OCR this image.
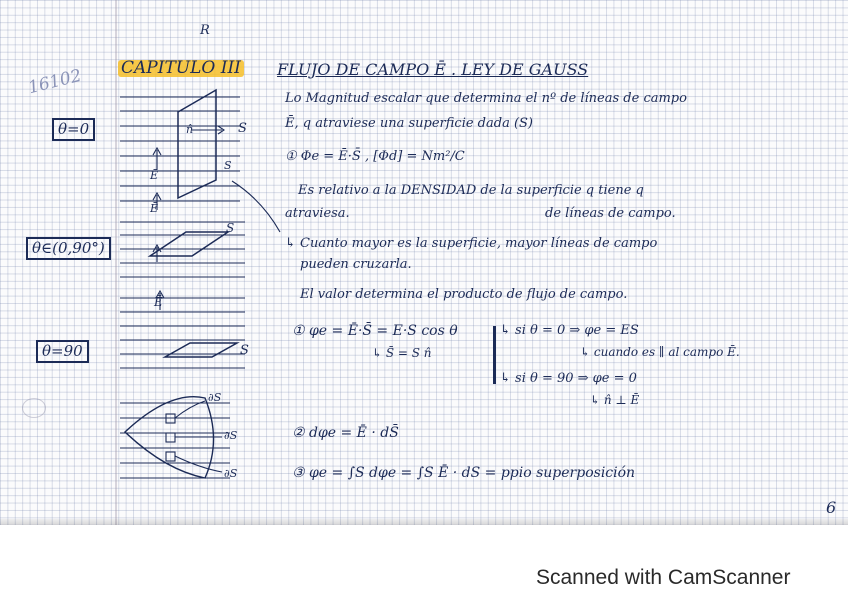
R
16102 CAPITULO III FLUJO DE CAMPO Ē . LEY DE GAUSS
θ=0
θ∈(0,90°)
θ=90
S
S
n̂
Ē
S
Ē
Ē
S
∂S
∂S
∂S
Lo Magnitud escalar que determina el nº de líneas de campo
Ē, q atraviese una superficie dada (S)
① Φe = Ē·S̄ , [Φd] = Nm²/C
Es relativo a la DENSIDAD de la superficie q tiene q
atraviesa.	de líneas de campo.
↳ Cuanto mayor es la superficie, mayor líneas de campo
pueden cruzarla.
El valor determina el producto de flujo de campo.
① φe = Ē·S̄ = E·S cos θ
↳ S̄ = S n̂
↳ si θ = 0 ⇒ φe = ES
↳ cuando es ∥ al campo Ē.
↳ si θ = 90 ⇒ φe = 0
↳ n̂ ⊥ Ē
② dφe = Ē · dS̄
③ φe = ∫S dφe = ∫S Ē · dS = ppio superposición
6
Scanned with CamScanner
